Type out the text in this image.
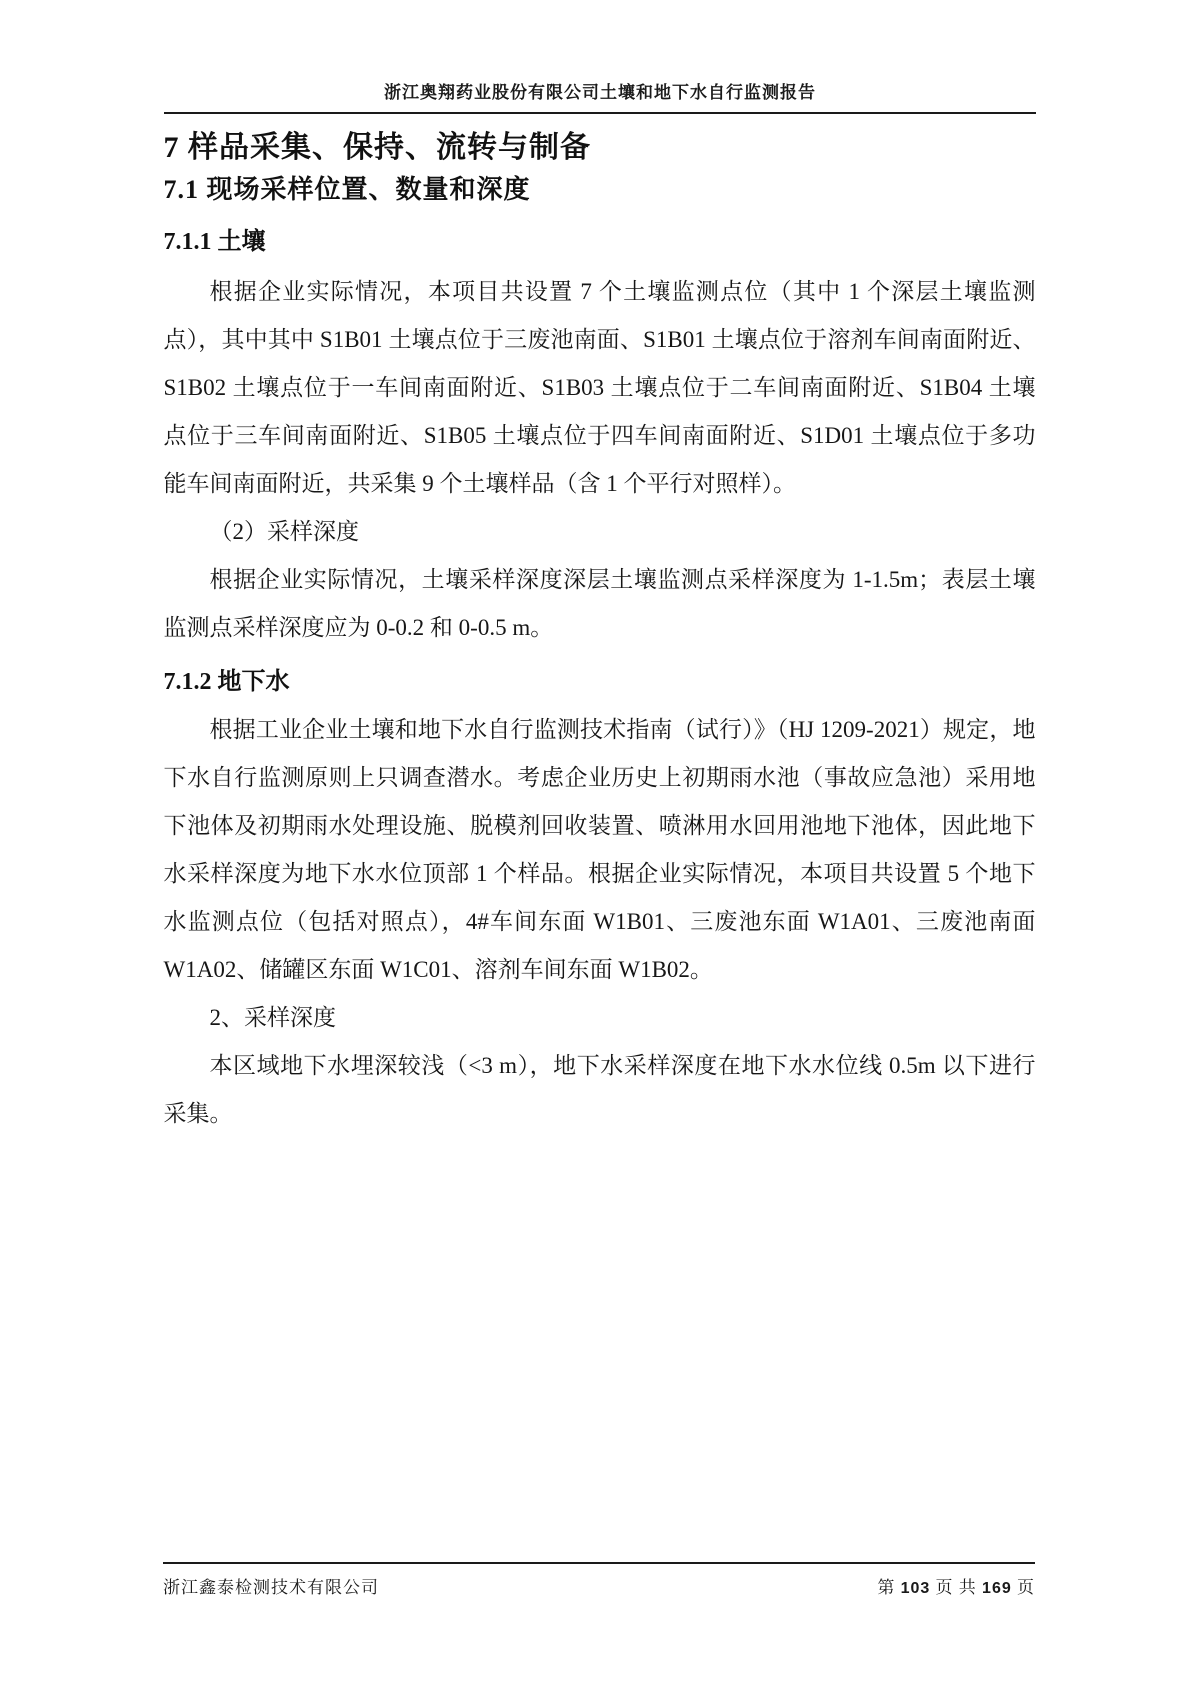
浙江奥翔药业股份有限公司土壤和地下水自行监测报告
7 样品采集、保持、流转与制备
7.1 现场采样位置、数量和深度
7.1.1 土壤

根据企业实际情况，本项目共设置 7 个土壤监测点位（其中 1 个深层土壤监测点），其中其中 S1B01 土壤点位于三废池南面、S1B01 土壤点位于溶剂车间南面附近、S1B02 土壤点位于一车间南面附近、S1B03 土壤点位于二车间南面附近、S1B04 土壤点位于三车间南面附近、S1B05 土壤点位于四车间南面附近、S1D01 土壤点位于多功能车间南面附近，共采集 9 个土壤样品（含 1 个平行对照样）。

（2）采样深度

根据企业实际情况，土壤采样深度深层土壤监测点采样深度为 1-1.5m；表层土壤监测点采样深度应为 0-0.2 和 0-0.5 m。

7.1.2 地下水

根据工业企业土壤和地下水自行监测技术指南（试行）》（HJ 1209-2021）规定，地下水自行监测原则上只调查潜水。考虑企业历史上初期雨水池（事故应急池）采用地下池体及初期雨水处理设施、脱模剂回收装置、喷淋用水回用池地下池体，因此地下水采样深度为地下水水位顶部 1 个样品。根据企业实际情况，本项目共设置 5 个地下水监测点位（包括对照点），4#车间东面 W1B01、三废池东面 W1A01、三废池南面 W1A02、储罐区东面 W1C01、溶剂车间东面 W1B02。

2、采样深度

本区域地下水埋深较浅（<3 m），地下水采样深度在地下水水位线 0.5m 以下进行采集。

浙江鑫泰检测技术有限公司	第 103 页 共 169 页
